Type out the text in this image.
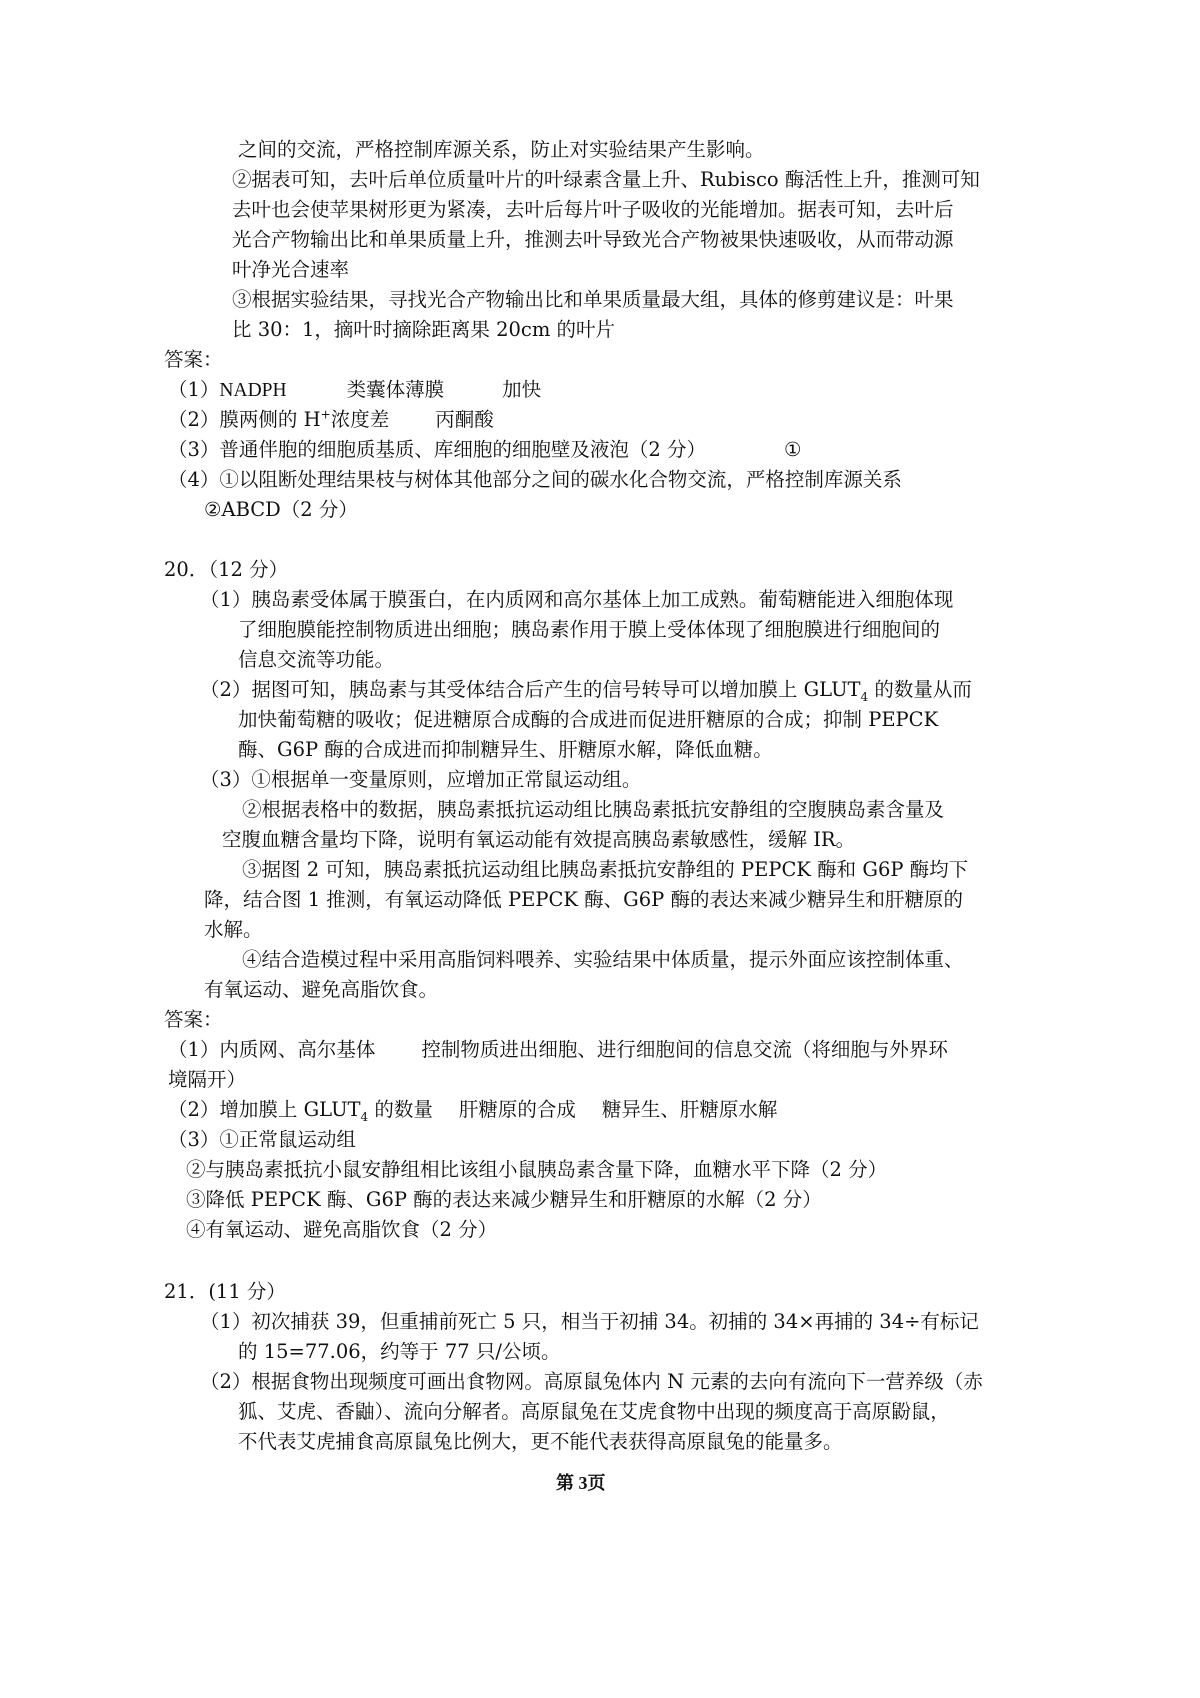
之间的交流，严格控制库源关系，防止对实验结果产生影响。
②据表可知，去叶后单位质量叶片的叶绿素含量上升、Rubisco 酶活性上升，推测可知
去叶也会使苹果树形更为紧凑，去叶后每片叶子吸收的光能增加。据表可知，去叶后
光合产物输出比和单果质量上升，推测去叶导致光合产物被果快速吸收，从而带动源
叶净光合速率
③根据实验结果，寻找光合产物输出比和单果质量最大组，具体的修剪建议是：叶果
比 30：1，摘叶时摘除距离果 20cm 的叶片
答案：
（1）NADPH	类囊体薄膜	加快
（2）膜两侧的 H+浓度差 丙酮酸
（3）普通伴胞的细胞质基质、库细胞的细胞壁及液泡（2 分）	①
（4）①以阻断处理结果枝与树体其他部分之间的碳水化合物交流，严格控制库源关系
②ABCD（2 分）
20．（12 分）
（1）胰岛素受体属于膜蛋白，在内质网和高尔基体上加工成熟。葡萄糖能进入细胞体现
了细胞膜能控制物质进出细胞；胰岛素作用于膜上受体体现了细胞膜进行细胞间的
信息交流等功能。
（2）据图可知，胰岛素与其受体结合后产生的信号转导可以增加膜上 $GLUT_4$ 的数量从而
加快葡萄糖的吸收；促进糖原合成酶的合成进而促进肝糖原的合成；抑制 PEPCK
酶、G6P 酶的合成进而抑制糖异生、肝糖原水解，降低血糖。
（3）①根据单一变量原则，应增加正常鼠运动组。
②根据表格中的数据，胰岛素抵抗运动组比胰岛素抵抗安静组的空腹胰岛素含量及
空腹血糖含量均下降，说明有氧运动能有效提高胰岛素敏感性，缓解 IR。
③据图 2 可知，胰岛素抵抗运动组比胰岛素抵抗安静组的 PEPCK 酶和 G6P 酶均下
降，结合图 1 推测，有氧运动降低 PEPCK 酶、G6P 酶的表达来减少糖异生和肝糖原的
水解。
④结合造模过程中采用高脂饲料喂养、实验结果中体质量，提示外面应该控制体重、
有氧运动、避免高脂饮食。
答案：
（1）内质网、高尔基体 控制物质进出细胞、进行细胞间的信息交流（将细胞与外界环
境隔开）
（2）增加膜上 $GLUT_4$ 的数量 肝糖原的合成 糖异生、肝糖原水解
（3）①正常鼠运动组
②与胰岛素抵抗小鼠安静组相比该组小鼠胰岛素含量下降，血糖水平下降（2 分）
③降低 PEPCK 酶、G6P 酶的表达来减少糖异生和肝糖原的水解（2 分）
④有氧运动、避免高脂饮食（2 分）
21．(11 分）
（1）初次捕获 39，但重捕前死亡 5 只，相当于初捕 34。初捕的 34×再捕的 34÷有标记
的 15=77.06，约等于 77 只/公顷。
（2）根据食物出现频度可画出食物网。高原鼠兔体内 N 元素的去向有流向下一营养级（赤
狐、艾虎、香鼬）、流向分解者。高原鼠兔在艾虎食物中出现的频度高于高原鼢鼠，
不代表艾虎捕食高原鼠兔比例大，更不能代表获得高原鼠兔的能量多。
第 3页
